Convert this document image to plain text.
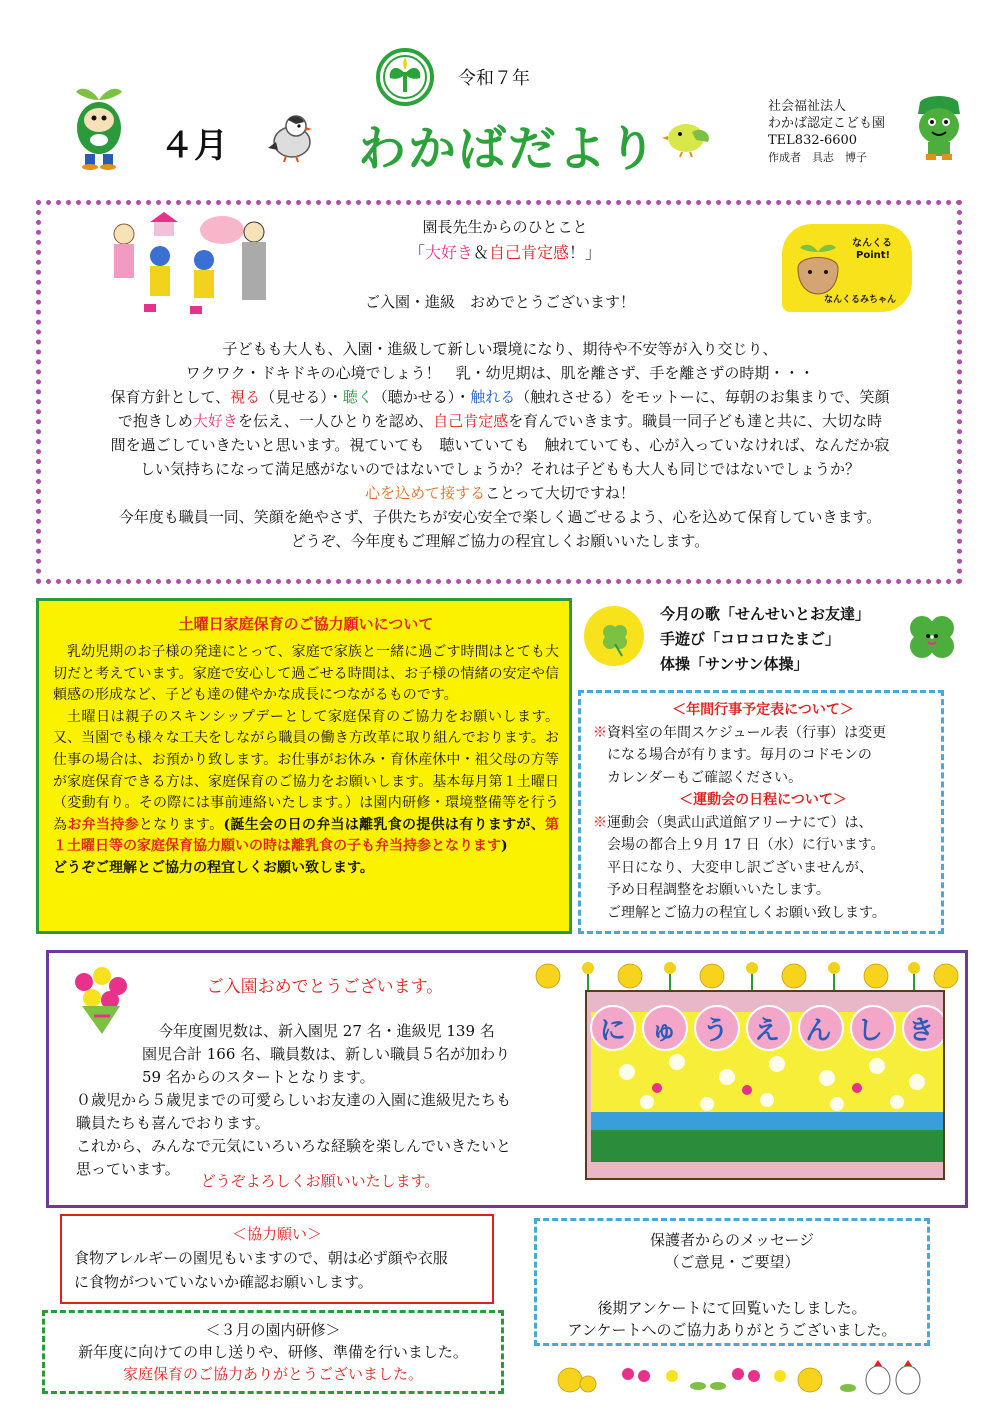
令和７年
４月	わかばだより
社会福祉法人
わかば認定こども園
TEL832-6600
作成者　具志　博子
園長先生からのひとこと
「大好き＆自己肯定感！」	なんくる
Point!
なんくるみちゃん
ご入園・進級　おめでとうございます！
子どもも大人も、入園・進級して新しい環境になり、期待や不安等が入り交じり、
ワクワク・ドキドキの心境でしょう！　乳・幼児期は、肌を離さず、手を離さずの時期・・・
保育方針として、視る（見せる）・聴く（聴かせる）・触れる（触れさせる）をモットーに、毎朝のお集まりで、笑顔
で抱きしめ大好きを伝え、一人ひとりを認め、自己肯定感を育んでいきます。職員一同子ども達と共に、大切な時
間を過ごしていきたいと思います。視ていても　聴いていても　触れていても、心が入っていなければ、なんだか寂
しい気持ちになって満足感がないのではないでしょうか？それは子どもも大人も同じではないでしょうか？
心を込めて接することって大切ですね！
今年度も職員一同、笑顔を絶やさず、子供たちが安心安全で楽しく過ごせるよう、心を込めて保育していきます。
どうぞ、今年度もご理解ご協力の程宜しくお願いいたします。
土曜日家庭保育のご協力願いについて

乳幼児期のお子様の発達にとって、家庭で家族と一緒に過ごす時間はとても大切だと考えています。家庭で安心して過ごせる時間は、お子様の情緒の安定や信頼感の形成など、子ども達の健やかな成長につながるものです。

土曜日は親子のスキンシップデーとして家庭保育のご協力をお願いします。又、当園でも様々な工夫をしながら職員の働き方改革に取り組んでおります。お仕事の場合は、お預かり致します。お仕事がお休み・育休産休中・祖父母の方等が家庭保育できる方は、家庭保育のご協力をお願いします。基本毎月第１土曜日（変動有り。その際には事前連絡いたします。）は園内研修・環境整備等を行う為お弁当持参となります。(誕生会の日の弁当は離乳食の提供は有りますが、第１土曜日等の家庭保育協力願いの時は離乳食の子も弁当持参となります)

どうぞご理解とご協力の程宜しくお願い致します。

今月の歌「せんせいとお友達」
手遊び「コロコロたまご」
体操「サンサン体操」
＜年間行事予定表について＞
※資料室の年間スケジュール表（行事）は変更
になる場合が有ります。毎月のコドモンの
カレンダーもご確認ください。
＜運動会の日程について＞
※運動会（奥武山武道館アリーナにて）は、
会場の都合上９月 17 日（水）に行います。
平日になり、大変申し訳ございませんが、
予め日程調整をお願いいたします。
ご理解とご協力の程宜しくお願い致します。
ご入園おめでとうございます。
今年度園児数は、新入園児 27 名・進級児 139 名
園児合計 166 名、職員数は、新しい職員５名が加わり
59 名からのスタートとなります。
０歳児から５歳児までの可愛らしいお友達の入園に進級児たちも
職員たちも喜んでおります。
これから、みんなで元気にいろいろな経験を楽しんでいきたいと
思っています。
どうぞよろしくお願いいたします。
に ゅ う え ん し き
＜協力願い＞
食物アレルギーの園児もいますので、朝は必ず顔や衣服
に食物がついていないか確認お願いします。
＜３月の園内研修＞
新年度に向けての申し送りや、研修、準備を行いました。
家庭保育のご協力ありがとうございました。
保護者からのメッセージ
（ご意見・ご要望）
後期アンケートにて回覧いたしました。
アンケートへのご協力ありがとうございました。
